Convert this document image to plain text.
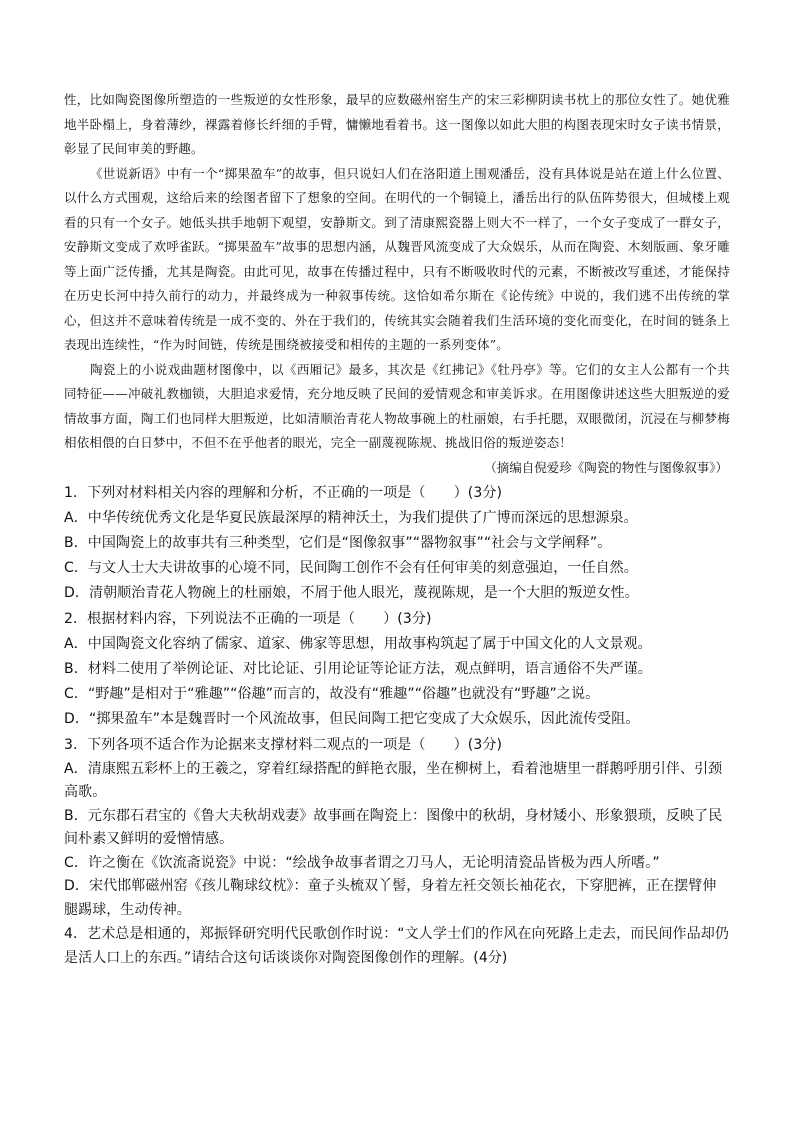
性，比如陶瓷图像所塑造的一些叛逆的女性形象，最早的应数磁州窑生产的宋三彩柳阴读书枕上的那位女性了。她优雅地半卧榻上，身着薄纱，裸露着修长纤细的手臂，慵懒地看着书。这一图像以如此大胆的构图表现宋时女子读书情景，彰显了民间审美的野趣。

《世说新语》中有一个“掷果盈车”的故事，但只说妇人们在洛阳道上围观潘岳，没有具体说是站在道上什么位置、以什么方式围观，这给后来的绘图者留下了想象的空间。在明代的一个铜镜上，潘岳出行的队伍阵势很大，但城楼上观看的只有一个女子。她低头拱手地朝下观望，安静斯文。到了清康熙瓷器上则大不一样了，一个女子变成了一群女子，安静斯文变成了欢呼雀跃。“掷果盈车”故事的思想内涵，从魏晋风流变成了大众娱乐，从而在陶瓷、木刻版画、象牙雕等上面广泛传播，尤其是陶瓷。由此可见，故事在传播过程中，只有不断吸收时代的元素，不断被改写重述，才能保持在历史长河中持久前行的动力，并最终成为一种叙事传统。这恰如希尔斯在《论传统》中说的，我们逃不出传统的掌心，但这并不意味着传统是一成不变的、外在于我们的，传统其实会随着我们生活环境的变化而变化，在时间的链条上表现出连续性，“作为时间链，传统是围绕被接受和相传的主题的一系列变体”。

陶瓷上的小说戏曲题材图像中，以《西厢记》最多，其次是《红拂记》《牡丹亭》等。它们的女主人公都有一个共同特征——冲破礼教枷锁，大胆追求爱情，充分地反映了民间的爱情观念和审美诉求。在用图像讲述这些大胆叛逆的爱情故事方面，陶工们也同样大胆叛逆，比如清顺治青花人物故事碗上的杜丽娘，右手托腮，双眼微闭，沉浸在与柳梦梅相依相偎的白日梦中，不但不在乎他者的眼光，完全一副蔑视陈规、挑战旧俗的叛逆姿态！

（摘编自倪爱珍《陶瓷的物性与图像叙事》）

1．下列对材料相关内容的理解和分析，不正确的一项是（　　）(3分)

A．中华传统优秀文化是华夏民族最深厚的精神沃土，为我们提供了广博而深远的思想源泉。

B．中国陶瓷上的故事共有三种类型，它们是“图像叙事”“器物叙事”“社会与文学阐释”。

C．与文人士大夫讲故事的心境不同，民间陶工创作不会有任何审美的刻意强迫，一任自然。

D．清朝顺治青花人物碗上的杜丽娘，不屑于他人眼光，蔑视陈规，是一个大胆的叛逆女性。

2．根据材料内容，下列说法不正确的一项是（　　）(3分)

A．中国陶瓷文化容纳了儒家、道家、佛家等思想，用故事构筑起了属于中国文化的人文景观。

B．材料二使用了举例论证、对比论证、引用论证等论证方法，观点鲜明，语言通俗不失严谨。

C．“野趣”是相对于“雅趣”“俗趣”而言的，故没有“雅趣”“俗趣”也就没有“野趣”之说。

D．“掷果盈车”本是魏晋时一个风流故事，但民间陶工把它变成了大众娱乐，因此流传受阻。

3．下列各项不适合作为论据来支撑材料二观点的一项是（　　）(3分)

A．清康熙五彩杯上的王羲之，穿着红绿搭配的鲜艳衣服，坐在柳树上，看着池塘里一群鹅呼朋引伴、引颈高歌。

B．元东郡石君宝的《鲁大夫秋胡戏妻》故事画在陶瓷上：图像中的秋胡，身材矮小、形象猥琐，反映了民间朴素又鲜明的爱憎情感。

C．许之衡在《饮流斋说瓷》中说：“绘战争故事者谓之刀马人，无论明清瓷品皆极为西人所嗜。”

D．宋代邯郸磁州窑《孩儿鞠球纹枕》：童子头梳双丫髻，身着左衽交领长袖花衣，下穿肥裤，正在摆臂伸腿踢球，生动传神。

4．艺术总是相通的，郑振铎研究明代民歌创作时说：“文人学士们的作风在向死路上走去，而民间作品却仍是活人口上的东西。”请结合这句话谈谈你对陶瓷图像创作的理解。(4分)
